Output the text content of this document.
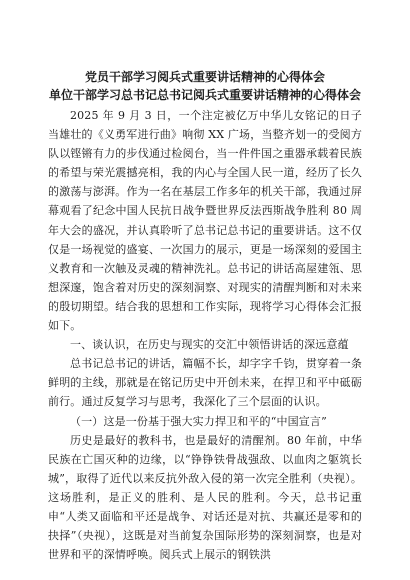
党员干部学习阅兵式重要讲话精神的心得体会
单位干部学习总书记总书记阅兵式重要讲话精神的心得体会

2025 年 9 月 3 日，一个注定被亿万中华儿女铭记的日子当雄壮的《义勇军进行曲》响彻 XX 广场，当整齐划一的受阅方队以铿锵有力的步伐通过检阅台，当一件件国之重器承载着民族的希望与荣光震撼亮相，我的内心与全国人民一道，经历了长久的激荡与澎湃。作为一名在基层工作多年的机关干部，我通过屏幕观看了纪念中国人民抗日战争暨世界反法西斯战争胜利 80 周年大会的盛况，并认真聆听了总书记总书记的重要讲话。这不仅仅是一场视觉的盛宴、一次国力的展示，更是一场深刻的爱国主义教育和一次触及灵魂的精神洗礼。总书记的讲话高屋建瓴、思想深邃，饱含着对历史的深刻洞察、对现实的清醒判断和对未来的殷切期望。结合我的思想和工作实际，现将学习心得体会汇报如下。

一、谈认识，在历史与现实的交汇中领悟讲话的深远意蕴

总书记总书记的讲话，篇幅不长，却字字千钧，贯穿着一条鲜明的主线，那就是在铭记历史中开创未来，在捍卫和平中砥砺前行。通过反复学习与思考，我深化了三个层面的认识。

（一）这是一份基于强大实力捍卫和平的“中国宣言”

历史是最好的教科书，也是最好的清醒剂。80 年前，中华民族在亡国灭种的边缘，以“铮铮铁骨战强敌、以血肉之躯筑长城”，取得了近代以来反抗外敌入侵的第一次完全胜利（央视）。这场胜利，是正义的胜利、是人民的胜利。今天，总书记重申“人类又面临和平还是战争、对话还是对抗、共赢还是零和的抉择”（央视），这既是对当前复杂国际形势的深刻洞察，也是对世界和平的深情呼唤。阅兵式上展示的钢铁洪
